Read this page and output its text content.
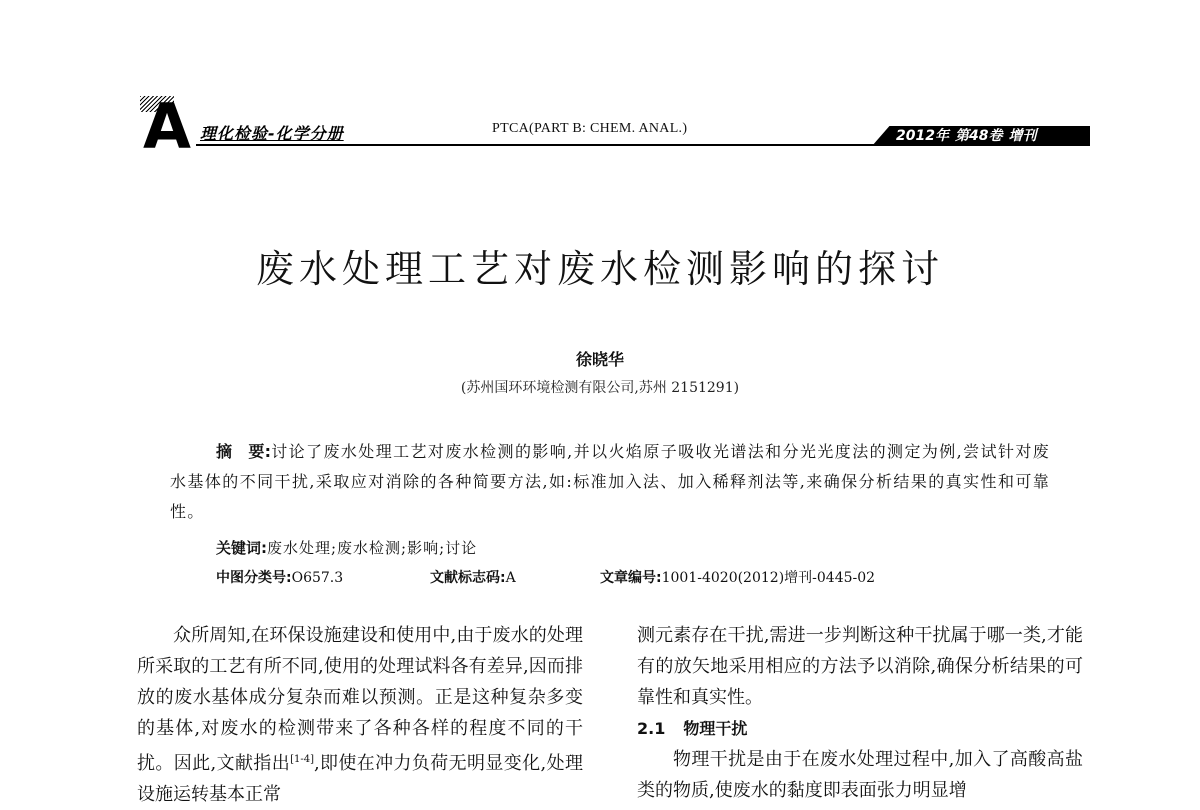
A 理化检验-化学分册	PTCA(PART B: CHEM. ANAL.)	2012年 第48卷 增刊
废水处理工艺对废水检测影响的探讨
徐晓华
(苏州国环环境检测有限公司,苏州 2151291)
摘　要:讨论了废水处理工艺对废水检测的影响,并以火焰原子吸收光谱法和分光光度法的测定为例,尝试针对废水基体的不同干扰,采取应对消除的各种简要方法,如:标准加入法、加入稀释剂法等,来确保分析结果的真实性和可靠性。
关键词:废水处理;废水检测;影响;讨论
中图分类号:O657.3	文献标志码:A	文章编号:1001-4020(2012)增刊-0445-02

众所周知,在环保设施建设和使用中,由于废水的处理所采取的工艺有所不同,使用的处理试料各有差异,因而排放的废水基体成分复杂而难以预测。正是这种复杂多变的基体,对废水的检测带来了各种各样的程度不同的干扰。因此,文献指出[1-4],即使在冲力负荷无明显变化,处理设施运转基本正常

测元素存在干扰,需进一步判断这种干扰属于哪一类,才能有的放矢地采用相应的方法予以消除,确保分析结果的可靠性和真实性。

2.1 物理干扰

物理干扰是由于在废水处理过程中,加入了高酸高盐类的物质,使废水的黏度即表面张力明显增
